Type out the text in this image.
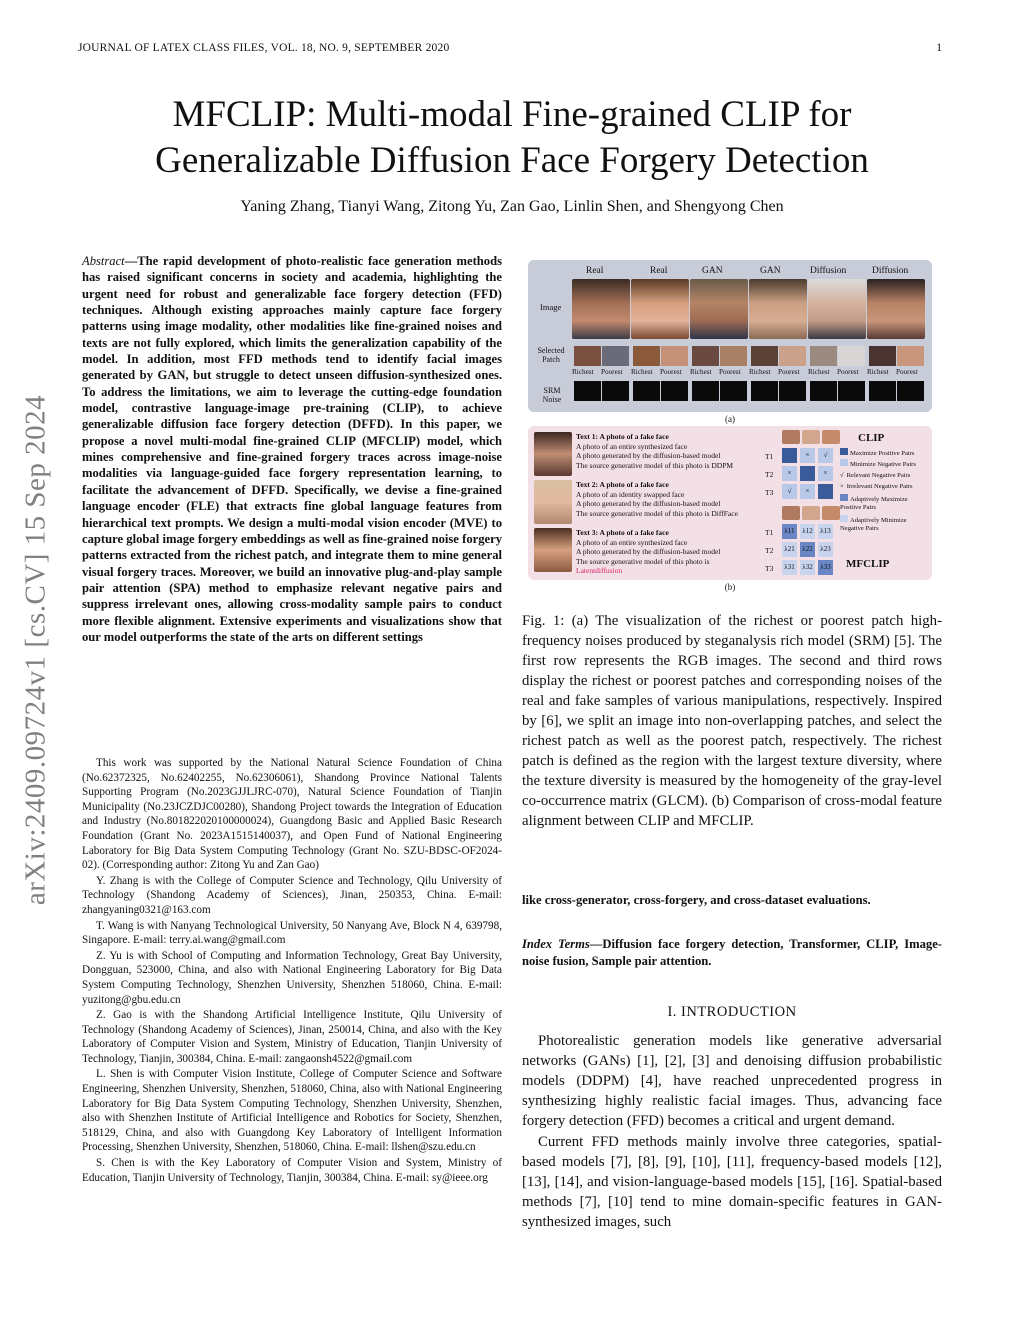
JOURNAL OF LATEX CLASS FILES, VOL. 18, NO. 9, SEPTEMBER 2020	1
MFCLIP: Multi-modal Fine-grained CLIP for
Generalizable Diffusion Face Forgery Detection
Yaning Zhang, Tianyi Wang, Zitong Yu, Zan Gao, Linlin Shen, and Shengyong Chen
arXiv:2409.09724v1 [cs.CV] 15 Sep 2024
Abstract—The rapid development of photo-realistic face generation methods has raised significant concerns in society and academia, highlighting the urgent need for robust and generalizable face forgery detection (FFD) techniques. Although existing approaches mainly capture face forgery patterns using image modality, other modalities like fine-grained noises and texts are not fully explored, which limits the generalization capability of the model. In addition, most FFD methods tend to identify facial images generated by GAN, but struggle to detect unseen diffusion-synthesized ones. To address the limitations, we aim to leverage the cutting-edge foundation model, contrastive language-image pre-training (CLIP), to achieve generalizable diffusion face forgery detection (DFFD). In this paper, we propose a novel multi-modal fine-grained CLIP (MFCLIP) model, which mines comprehensive and fine-grained forgery traces across image-noise modalities via language-guided face forgery representation learning, to facilitate the advancement of DFFD. Specifically, we devise a fine-grained language encoder (FLE) that extracts fine global language features from hierarchical text prompts. We design a multi-modal vision encoder (MVE) to capture global image forgery embeddings as well as fine-grained noise forgery patterns extracted from the richest patch, and integrate them to mine general visual forgery traces. Moreover, we build an innovative plug-and-play sample pair attention (SPA) method to emphasize relevant negative pairs and suppress irrelevant ones, allowing cross-modality sample pairs to conduct more flexible alignment. Extensive experiments and visualizations show that our model outperforms the state of the arts on different settings

This work was supported by the National Natural Science Foundation of China (No.62372325, No.62402255, No.62306061), Shandong Province National Talents Supporting Program (No.2023GJJLJRC-070), Natural Science Foundation of Tianjin Municipality (No.23JCZDJC00280), Shandong Project towards the Integration of Education and Industry (No.801822020100000024), Guangdong Basic and Applied Basic Research Foundation (Grant No. 2023A1515140037), and Open Fund of National Engineering Laboratory for Big Data System Computing Technology (Grant No. SZU-BDSC-OF2024-02). (Corresponding author: Zitong Yu and Zan Gao)

Y. Zhang is with the College of Computer Science and Technology, Qilu University of Technology (Shandong Academy of Sciences), Jinan, 250353, China. E-mail: zhangyaning0321@163.com

T. Wang is with Nanyang Technological University, 50 Nanyang Ave, Block N 4, 639798, Singapore. E-mail: terry.ai.wang@gmail.com

Z. Yu is with School of Computing and Information Technology, Great Bay University, Dongguan, 523000, China, and also with National Engineering Laboratory for Big Data System Computing Technology, Shenzhen University, Shenzhen 518060, China. E-mail: yuzitong@gbu.edu.cn

Z. Gao is with the Shandong Artificial Intelligence Institute, Qilu University of Technology (Shandong Academy of Sciences), Jinan, 250014, China, and also with the Key Laboratory of Computer Vision and System, Ministry of Education, Tianjin University of Technology, Tianjin, 300384, China. E-mail: zangaonsh4522@gmail.com

L. Shen is with Computer Vision Institute, College of Computer Science and Software Engineering, Shenzhen University, Shenzhen, 518060, China, also with National Engineering Laboratory for Big Data System Computing Technology, Shenzhen University, Shenzhen, also with Shenzhen Institute of Artificial Intelligence and Robotics for Society, Shenzhen, 518129, China, and also with Guangdong Key Laboratory of Intelligent Information Processing, Shenzhen University, Shenzhen, 518060, China. E-mail: llshen@szu.edu.cn

S. Chen is with the Key Laboratory of Computer Vision and System, Ministry of Education, Tianjin University of Technology, Tianjin, 300384, China. E-mail: sy@ieee.org

Real	Real	GAN	GAN	Diffusion	Diffusion
Image
Selected Patch
SRM Noise
Richest Poorest Richest Poorest Richest Poorest Richest Poorest Richest Poorest Richest Poorest
(a)
Text 1: A photo of a fake face
A photo of an entire synthesized face
A photo generated by the diffusion-based model
The source generative model of this photo is DDPM
Text 2: A photo of a fake face
A photo of an identity swapped face
A photo generated by the diffusion-based model
The source generative model of this photo is DiffFace
Text 3: A photo of a fake face
A photo of an entire synthesized face
A photo generated by the diffusion-based model
The source generative model of this photo is
Latentdiffusion
T1
T2
T3
×	√
×	×
√	×
T1
T2
T3
λ11	λ12	λ13
λ21	λ22	λ23
λ31	λ32	λ33
CLIP
Maximize Positive Pairs
Minimize Negative Pairs
√ Relevant Negative Pairs
× Irrelevant Negative Pairs
Adaptively Maximize Positive Pairs
Adaptively Minimize Negative Pairs
MFCLIP
(b)
Fig. 1: (a) The visualization of the richest or poorest patch high-frequency noises produced by steganalysis rich model (SRM) [5]. The first row represents the RGB images. The second and third rows display the richest or poorest patches and corresponding noises of the real and fake samples of various manipulations, respectively. Inspired by [6], we split an image into non-overlapping patches, and select the richest patch as well as the poorest patch, respectively. The richest patch is defined as the region with the largest texture diversity, where the texture diversity is measured by the homogeneity of the gray-level co-occurrence matrix (GLCM). (b) Comparison of cross-modal feature alignment between CLIP and MFCLIP.
like cross-generator, cross-forgery, and cross-dataset evaluations.
Index Terms—Diffusion face forgery detection, Transformer, CLIP, Image-noise fusion, Sample pair attention.
I. INTRODUCTION

Photorealistic generation models like generative adversarial networks (GANs) [1], [2], [3] and denoising diffusion probabilistic models (DDPM) [4], have reached unprecedented progress in synthesizing highly realistic facial images. Thus, advancing face forgery detection (FFD) becomes a critical and urgent demand.

Current FFD methods mainly involve three categories, spatial-based models [7], [8], [9], [10], [11], frequency-based models [12], [13], [14], and vision-language-based models [15], [16]. Spatial-based methods [7], [10] tend to mine domain-specific features in GAN-synthesized images, such
